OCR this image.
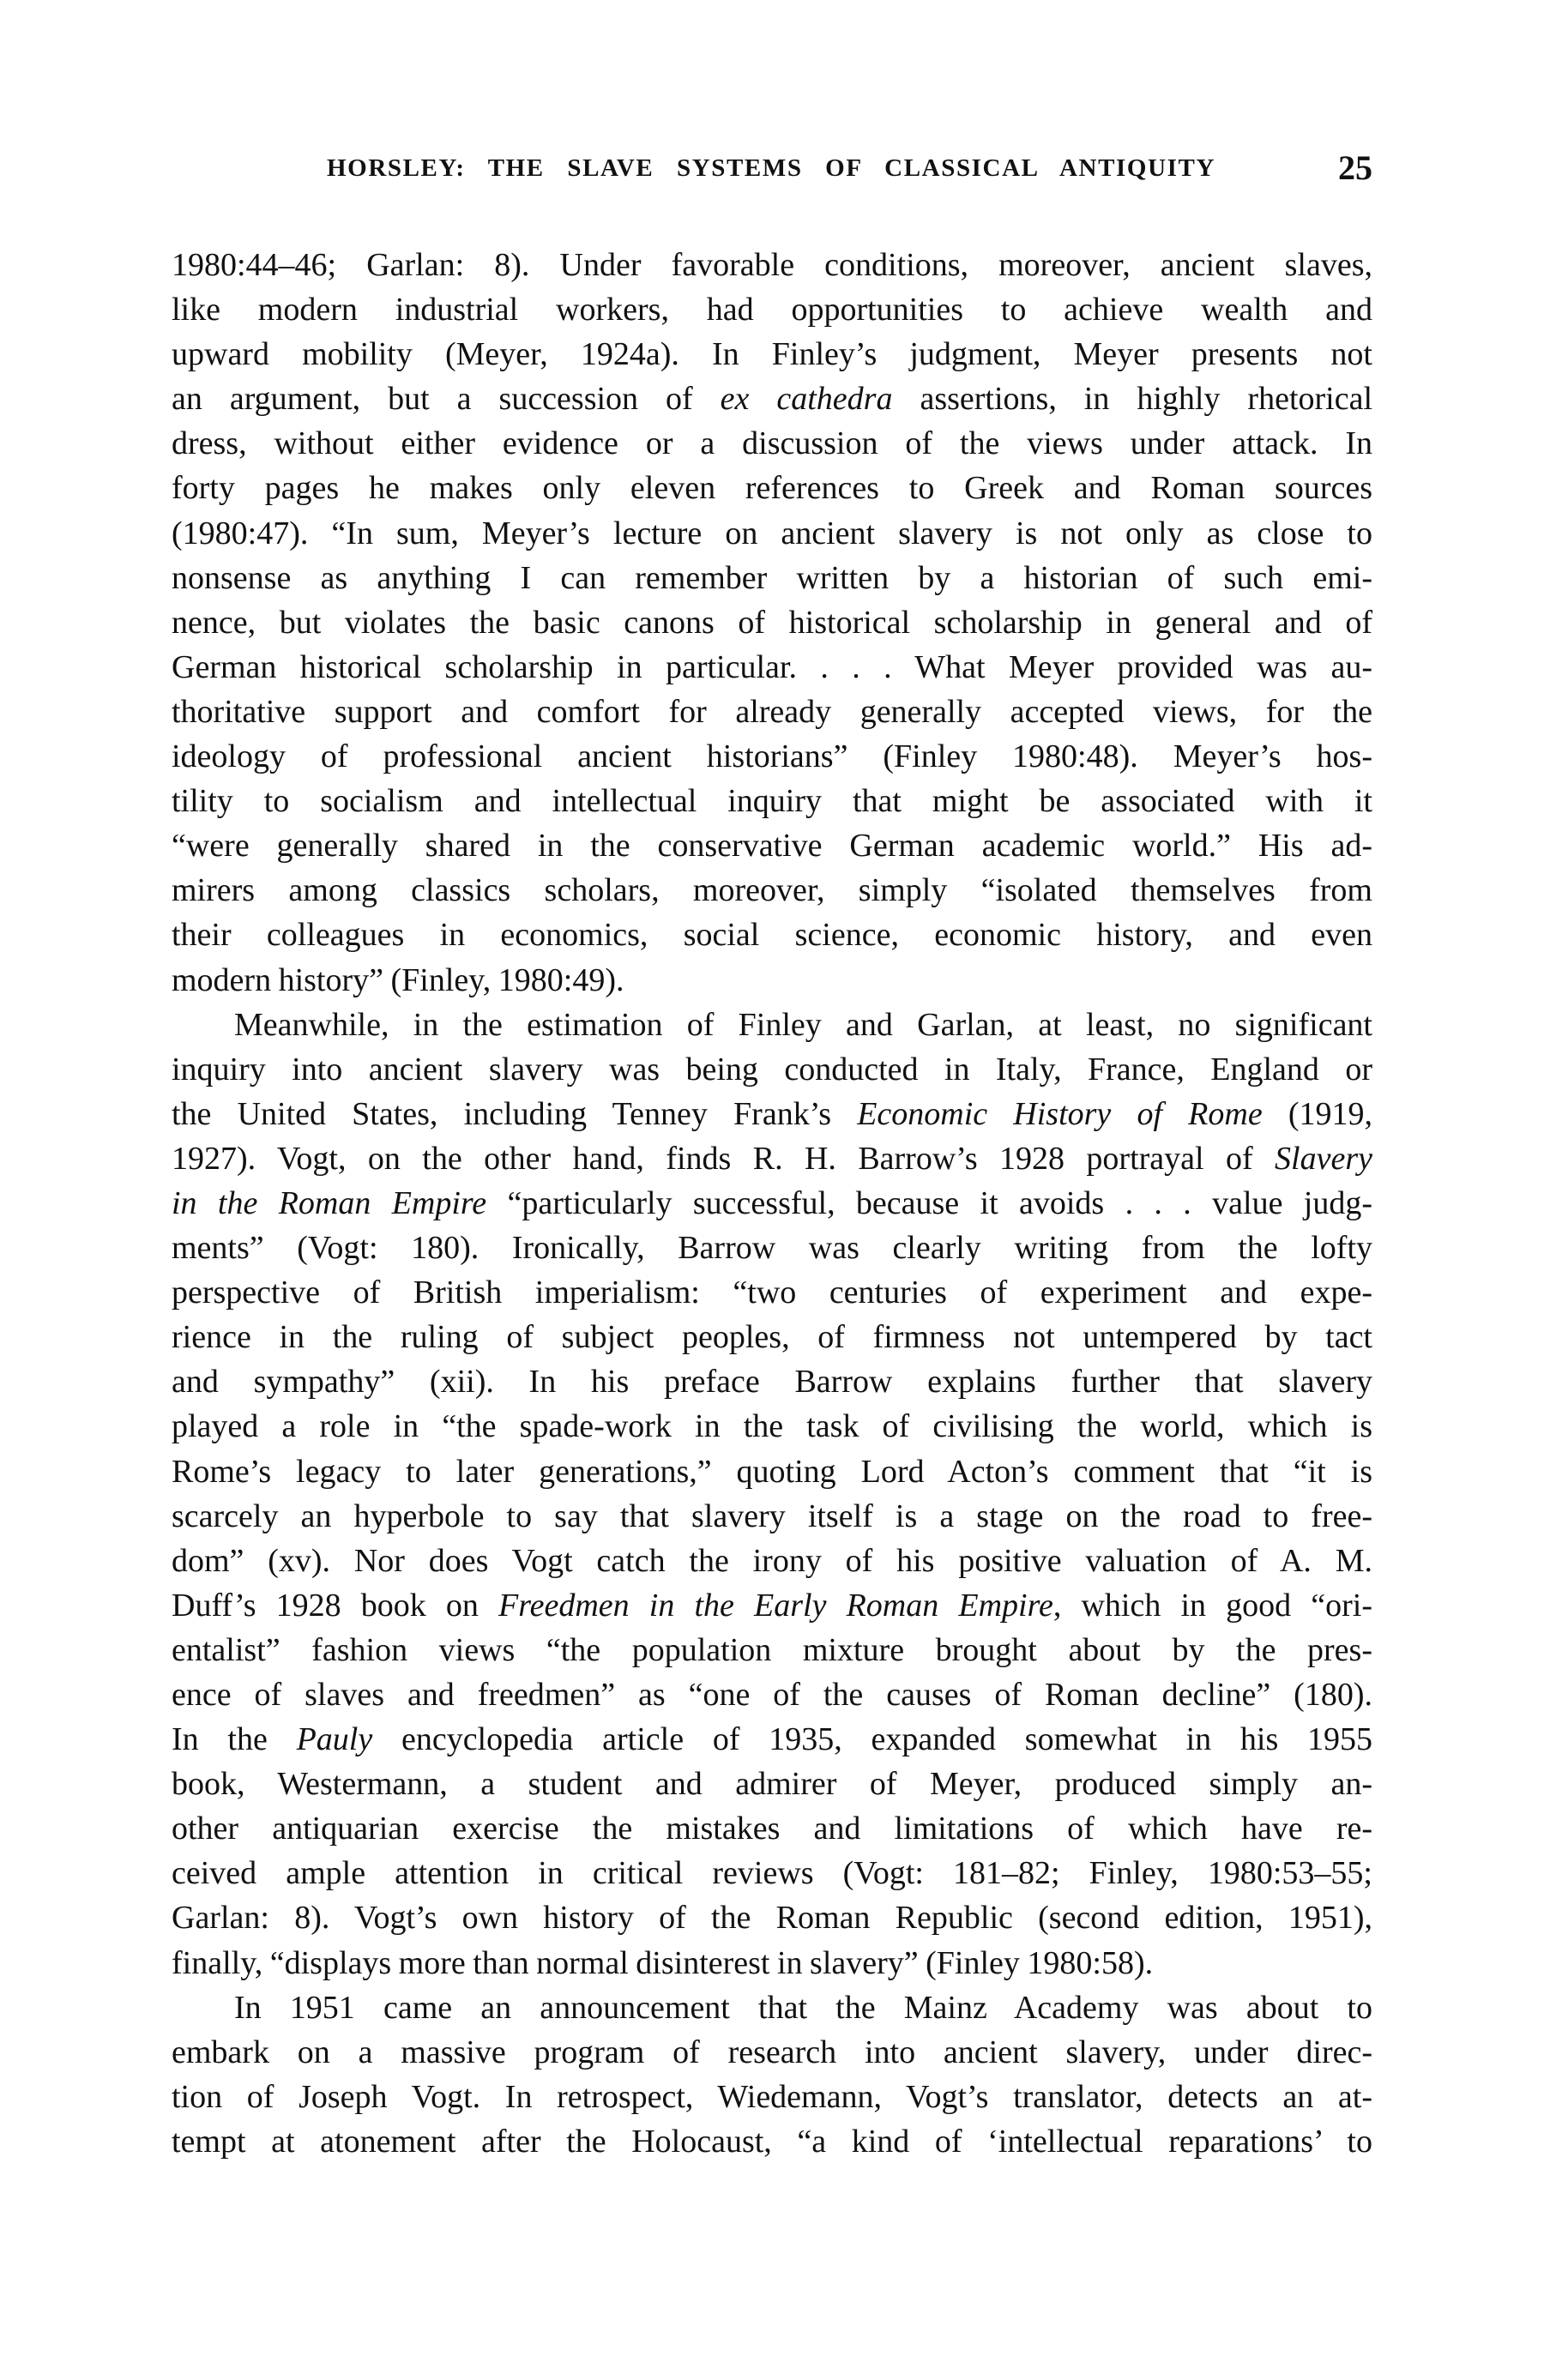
HORSLEY: THE SLAVE SYSTEMS OF CLASSICAL ANTIQUITY	25
1980:44–46; Garlan: 8). Under favorable conditions, moreover, ancient slaves,
like modern industrial workers, had opportunities to achieve wealth and
upward mobility (Meyer, 1924a). In Finley’s judgment, Meyer presents not
an argument, but a succession of ex cathedra assertions, in highly rhetorical
dress, without either evidence or a discussion of the views under attack. In
forty pages he makes only eleven references to Greek and Roman sources
(1980:47). “In sum, Meyer’s lecture on ancient slavery is not only as close to
nonsense as anything I can remember written by a historian of such emi-
nence, but violates the basic canons of historical scholarship in general and of
German historical scholarship in particular. . . . What Meyer provided was au-
thoritative support and comfort for already generally accepted views, for the
ideology of professional ancient historians” (Finley 1980:48). Meyer’s hos-
tility to socialism and intellectual inquiry that might be associated with it
“were generally shared in the conservative German academic world.” His ad-
mirers among classics scholars, moreover, simply “isolated themselves from
their colleagues in economics, social science, economic history, and even
modern history” (Finley, 1980:49).
Meanwhile, in the estimation of Finley and Garlan, at least, no significant
inquiry into ancient slavery was being conducted in Italy, France, England or
the United States, including Tenney Frank’s Economic History of Rome (1919,
1927). Vogt, on the other hand, finds R. H. Barrow’s 1928 portrayal of Slavery
in the Roman Empire “particularly successful, because it avoids . . . value judg-
ments” (Vogt: 180). Ironically, Barrow was clearly writing from the lofty
perspective of British imperialism: “two centuries of experiment and expe-
rience in the ruling of subject peoples, of firmness not untempered by tact
and sympathy” (xii). In his preface Barrow explains further that slavery
played a role in “the spade-work in the task of civilising the world, which is
Rome’s legacy to later generations,” quoting Lord Acton’s comment that “it is
scarcely an hyperbole to say that slavery itself is a stage on the road to free-
dom” (xv). Nor does Vogt catch the irony of his positive valuation of A. M.
Duff’s 1928 book on Freedmen in the Early Roman Empire, which in good “ori-
entalist” fashion views “the population mixture brought about by the pres-
ence of slaves and freedmen” as “one of the causes of Roman decline” (180).
In the Pauly encyclopedia article of 1935, expanded somewhat in his 1955
book, Westermann, a student and admirer of Meyer, produced simply an-
other antiquarian exercise the mistakes and limitations of which have re-
ceived ample attention in critical reviews (Vogt: 181–82; Finley, 1980:53–55;
Garlan: 8). Vogt’s own history of the Roman Republic (second edition, 1951),
finally, “displays more than normal disinterest in slavery” (Finley 1980:58).
In 1951 came an announcement that the Mainz Academy was about to
embark on a massive program of research into ancient slavery, under direc-
tion of Joseph Vogt. In retrospect, Wiedemann, Vogt’s translator, detects an at-
tempt at atonement after the Holocaust, “a kind of ‘intellectual reparations’ to
